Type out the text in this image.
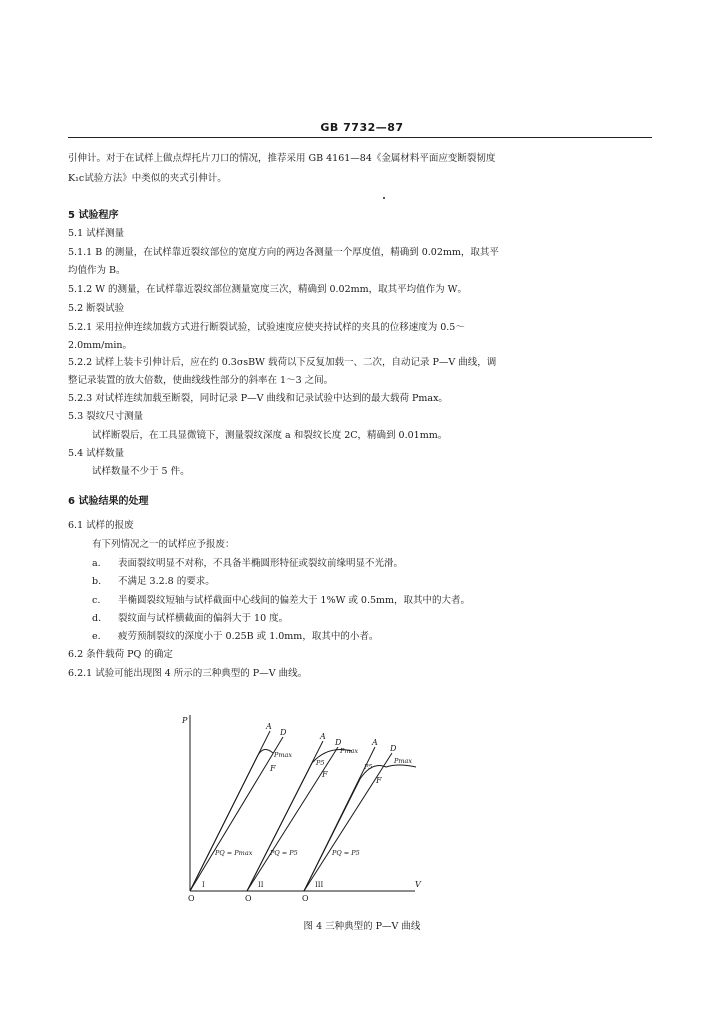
GB 7732—87
引伸计。对于在试样上做点焊托片刀口的情况，推荐采用 GB 4161—84《金属材料平面应变断裂韧度
K₁c试验方法》中类似的夹式引伸计。
5 试验程序
5.1 试样测量
5.1.1 B 的测量，在试样靠近裂纹部位的宽度方向的两边各测量一个厚度值，精确到 0.02mm，取其平
均值作为 B。
5.1.2 W 的测量，在试样靠近裂纹部位测量宽度三次，精确到 0.02mm，取其平均值作为 W。
5.2 断裂试验
5.2.1 采用拉伸连续加载方式进行断裂试验，试验速度应使夹持试样的夹具的位移速度为 0.5～
2.0mm/min。
5.2.2 试样上装卡引伸计后，应在约 0.3σsBW 载荷以下反复加载一、二次，自动记录 P—V 曲线，调
整记录装置的放大倍数，使曲线线性部分的斜率在 1～3 之间。
5.2.3 对试样连续加载至断裂，同时记录 P—V 曲线和记录试验中达到的最大载荷 Pmax。
5.3 裂纹尺寸测量
试样断裂后，在工具显微镜下，测量裂纹深度 a 和裂纹长度 2C，精确到 0.01mm。
5.4 试样数量
试样数量不少于 5 件。
6 试验结果的处理
6.1 试样的报废
有下列情况之一的试样应予报废：
a. 表面裂纹明显不对称，不具备半椭圆形特征或裂纹前缘明显不光滑。
b. 不满足 3.2.8 的要求。
c. 半椭圆裂纹短轴与试样截面中心线间的偏差大于 1%W 或 0.5mm，取其中的大者。
d. 裂纹面与试样横截面的偏斜大于 10 度。
e. 疲劳预制裂纹的深度小于 0.25B 或 1.0mm，取其中的小者。
6.2 条件载荷 PQ 的确定
6.2.1 试验可能出现图 4 所示的三种典型的 P—V 曲线。
P
V
O	O	O
A
D
Pmax
F
I
PQ = Pmax
A
D
Pmax
P5
F
II
PQ = P5
A
D
Pmax
P5
F
III
PQ = P5
图 4 三种典型的 P—V 曲线
